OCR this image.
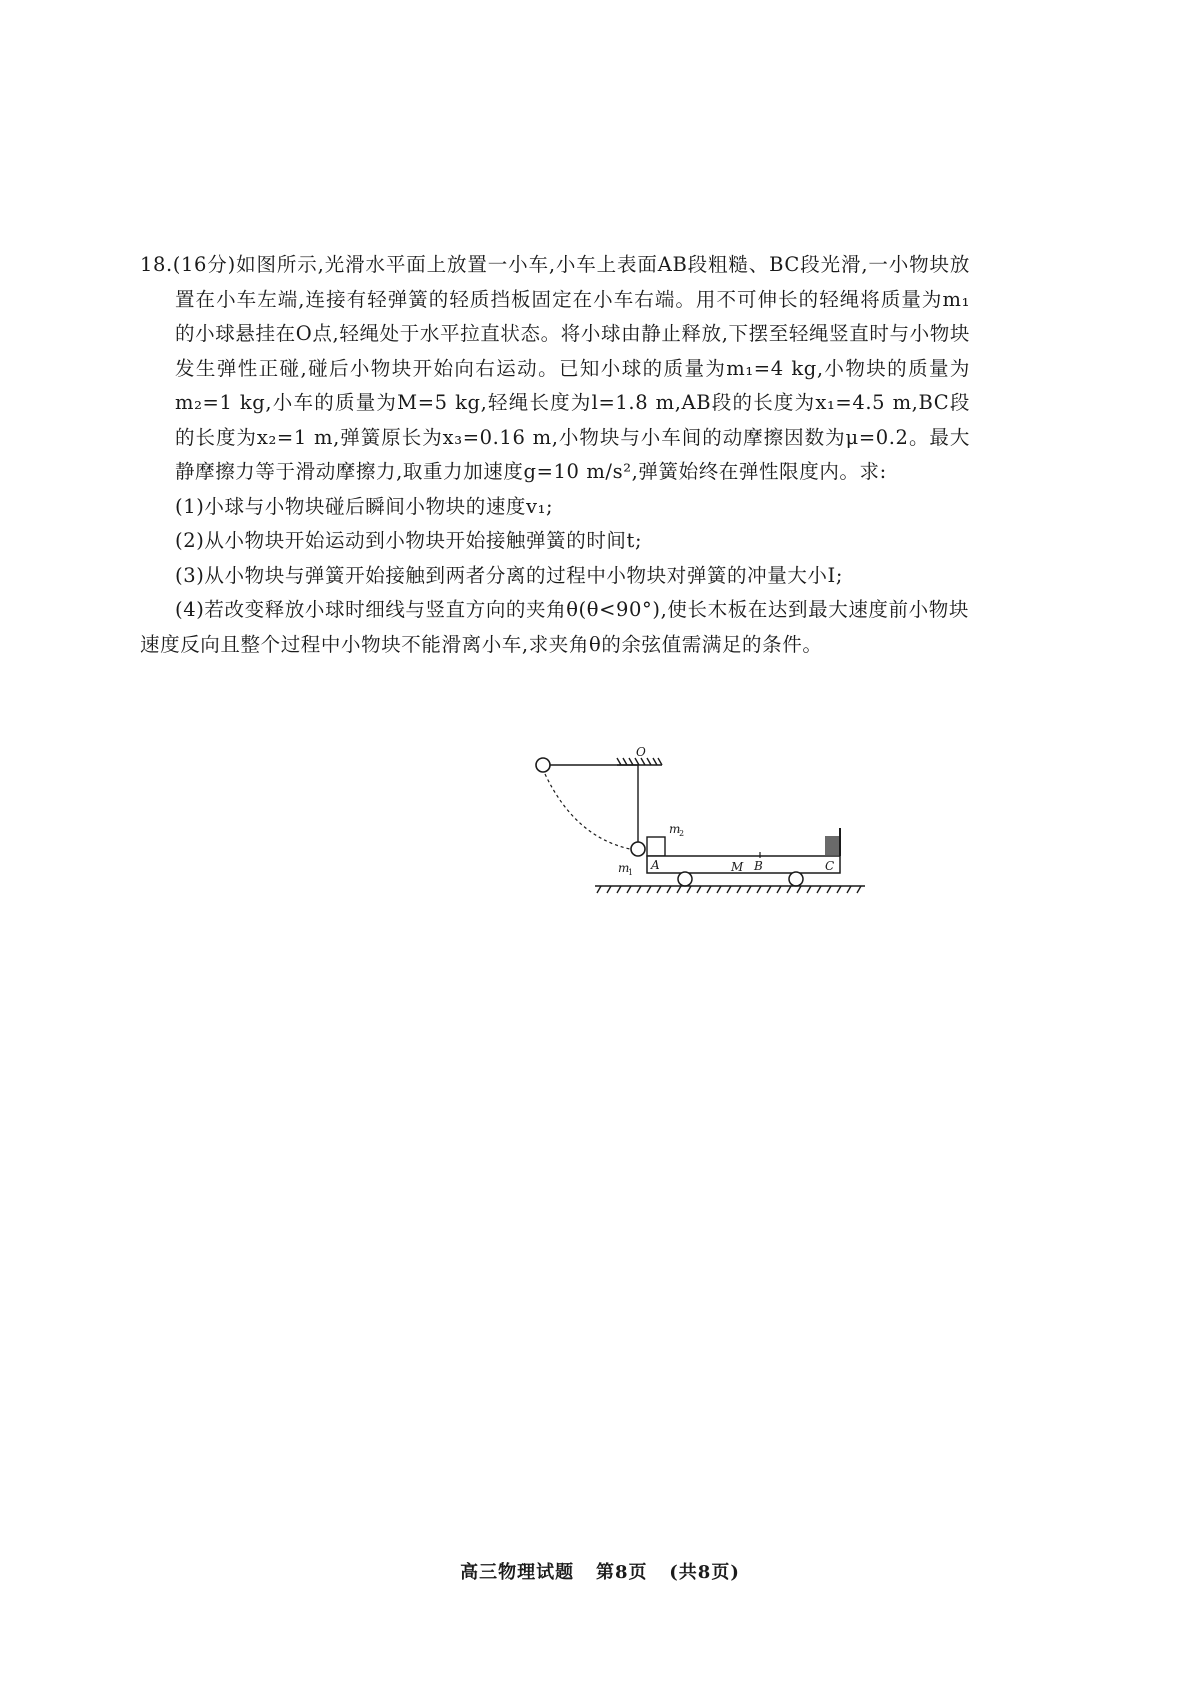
18.(16分)如图所示,光滑水平面上放置一小车,小车上表面AB段粗糙、BC段光滑,一小物块放置在小车左端,连接有轻弹簧的轻质挡板固定在小车右端。用不可伸长的轻绳将质量为m₁的小球悬挂在O点,轻绳处于水平拉直状态。将小球由静止释放,下摆至轻绳竖直时与小物块发生弹性正碰,碰后小物块开始向右运动。已知小球的质量为m₁=4 kg,小物块的质量为m₂=1 kg,小车的质量为M=5 kg,轻绳长度为l=1.8 m,AB段的长度为x₁=4.5 m,BC段的长度为x₂=1 m,弹簧原长为x₃=0.16 m,小物块与小车间的动摩擦因数为μ=0.2。最大静摩擦力等于滑动摩擦力,取重力加速度g=10 m/s²,弹簧始终在弹性限度内。求:

(1)小球与小物块碰后瞬间小物块的速度v₁;

(2)从小物块开始运动到小物块开始接触弹簧的时间t;

(3)从小物块与弹簧开始接触到两者分离的过程中小物块对弹簧的冲量大小I;

(4)若改变释放小球时细线与竖直方向的夹角θ(θ<90°),使长木板在达到最大速度前小物块速度反向且整个过程中小物块不能滑离小车,求夹角θ的余弦值需满足的条件。

O
m
1
m
2
A	M B	C
高三物理试题   第8页   (共8页)
